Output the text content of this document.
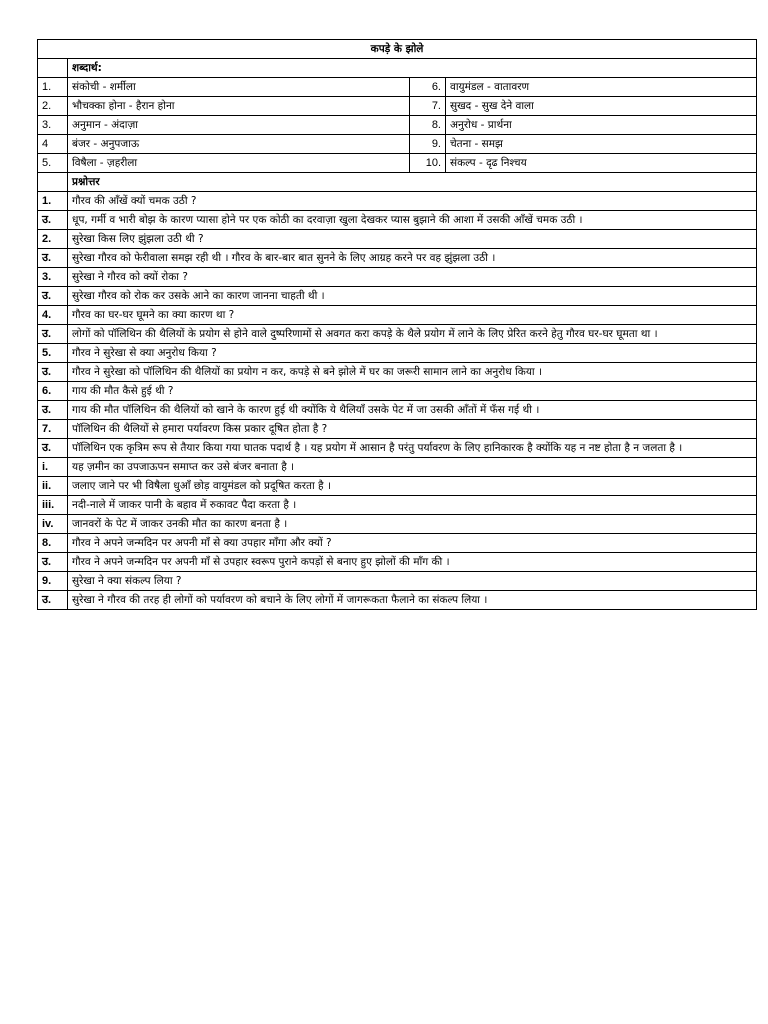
कपड़े के झोले			
	शब्दार्थ:		
1.	संकोची - शर्मीला	6.	वायुमंडल - वातावरण
2.	भौचक्का होना - हैरान होना	7.	सुखद - सुख देने वाला
3.	अनुमान - अंदाज़ा	8.	अनुरोध - प्रार्थना
4	बंजर - अनुपजाऊ	9.	चेतना - समझ
5.	विषैला - ज़हरीला	10.	संकल्प - दृढ निश्चय
	प्रश्नोत्तर		
1.	गौरव की आँखें क्यों चमक उठी ?		
उ.	धूप, गर्मी व भारी बोझ के कारण प्यासा होने पर एक कोठी का दरवाज़ा खुला देखकर प्यास बुझाने की आशा में उसकी आँखें चमक उठी ।		
2.	सुरेखा किस लिए झुंझला उठी थी ?		
उ.	सुरेखा गौरव को फेरीवाला समझ रही थी । गौरव के बार-बार बात सुनने के लिए आग्रह करने पर वह झुंझला उठी ।		
3.	सुरेखा ने गौरव को क्यों रोका ?		
उ.	सुरेखा गौरव को रोक कर उसके आने का कारण जानना चाहती थी ।		
4.	गौरव का घर-घर घूमने का क्या कारण था ?		
उ.	लोगों को पॉलिथिन की थैलियों के प्रयोग से होने वाले दुष्परिणामों से अवगत करा कपड़े के थैले प्रयोग में लाने के लिए प्रेरित करने हेतु गौरव घर-घर घूमता था ।		
5.	गौरव ने सुरेखा से क्या अनुरोध किया ?		
उ.	गौरव ने सुरेखा को पॉलिथिन की थैलियों का प्रयोग न कर, कपड़े से बने झोले में घर का जरूरी सामान लाने का अनुरोध किया ।		
6.	गाय की मौत कैसे हुई थी ?		
उ.	गाय की मौत पॉलिथिन की थैलियों को खाने के कारण हुई थी क्योंकि ये थैलियाँ उसके पेट में जा उसकी आँतों में फँस गई थी ।		
7.	पॉलिथिन की थैलियों से हमारा पर्यावरण किस प्रकार दूषित होता है ?		
उ.	पॉलिथिन एक कृत्रिम रूप से तैयार किया गया घातक पदार्थ है । यह प्रयोग में आसान है परंतु पर्यावरण के लिए हानिकारक है क्योंकि यह न नष्ट होता है न जलता है ।		
i.	यह ज़मीन का उपजाऊपन समाप्त कर उसे बंजर बनाता है ।		
ii.	जलाए जाने पर भी विषैला धुआँ छोड़ वायुमंडल को प्रदूषित करता है ।		
iii.	नदी-नाले में जाकर पानी के बहाव में रुकावट पैदा करता है ।		
iv.	जानवरों के पेट में जाकर उनकी मौत का कारण बनता है ।		
8.	गौरव ने अपने जन्मदिन पर अपनी माँ से क्या उपहार माँगा और क्यों ?		
उ.	गौरव ने अपने जन्मदिन पर अपनी माँ से उपहार स्वरूप पुराने कपड़ों से बनाए हुए झोलों की माँग की ।		
9.	सुरेखा ने क्या संकल्प लिया ?		
उ.	सुरेखा ने गौरव की तरह ही लोगों को पर्यावरण को बचाने के लिए लोगों में जागरूकता फैलाने का संकल्प लिया ।		
